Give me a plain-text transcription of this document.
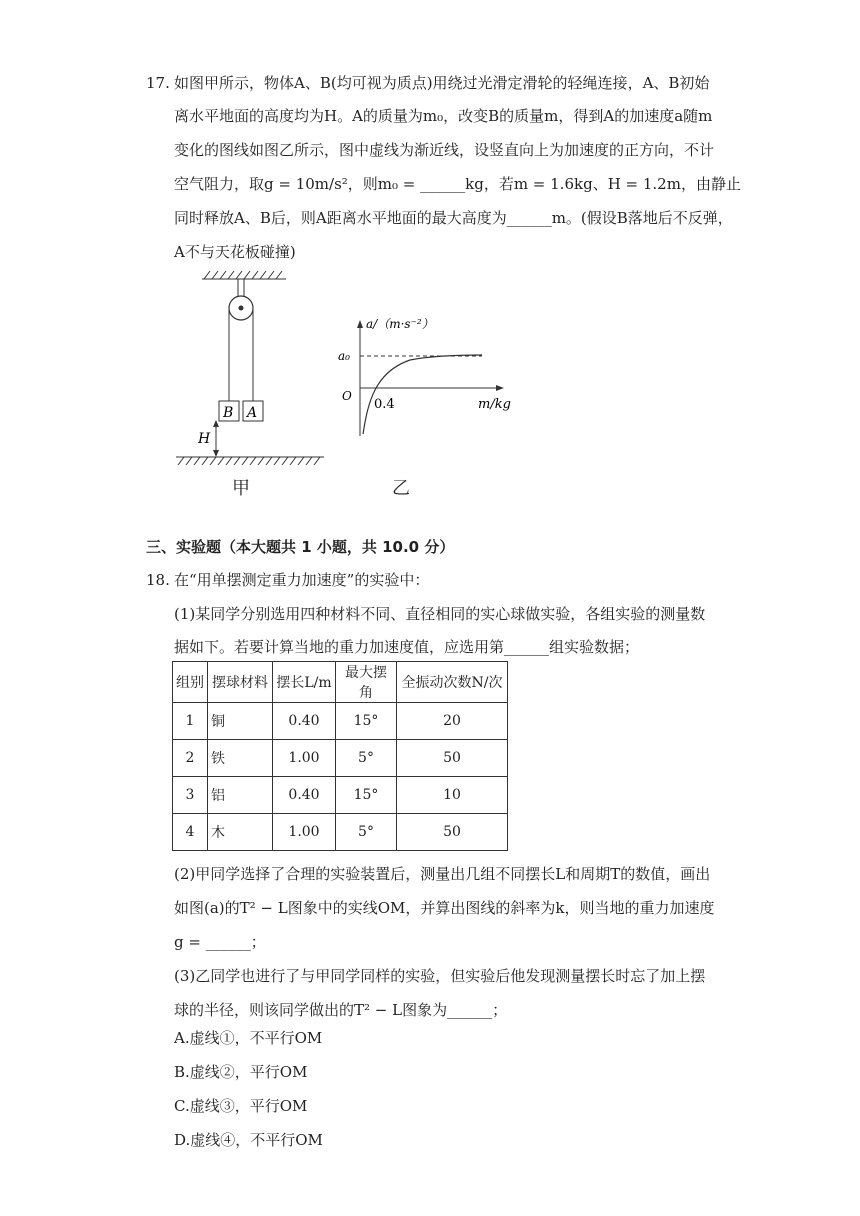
17. 如图甲所示，物体A、B(均可视为质点)用绕过光滑定滑轮的轻绳连接，A、B初始
离水平地面的高度均为H。A的质量为m₀，改变B的质量m，得到A的加速度a随m
变化的图线如图乙所示，图中虚线为渐近线，设竖直向上为加速度的正方向，不计
空气阻力，取g = 10m/s²，则m₀ = ______kg，若m = 1.6kg、H = 1.2m，由静止
同时释放A、B后，则A距离水平地面的最大高度为______m。(假设B落地后不反弹，
A不与天花板碰撞)
B A
H
甲
a/（m·s⁻²）
a₀
O
0.4	m/kg
乙
三、实验题（本大题共 1 小题，共 10.0 分）
18. 在“用单摆测定重力加速度”的实验中：
(1)某同学分别选用四种材料不同、直径相同的实心球做实验，各组实验的测量数
据如下。若要计算当地的重力加速度值，应选用第______组实验数据；
组别	摆球材料	摆长L/m	最大摆角	全振动次数N/次
1	铜	0.40	15°	20
2	铁	1.00	5°	50
3	铝	0.40	15°	10
4	木	1.00	5°	50
(2)甲同学选择了合理的实验装置后，测量出几组不同摆长L和周期T的数值，画出
如图(a)的T² − L图象中的实线OM，并算出图线的斜率为k，则当地的重力加速度
g = ______；
(3)乙同学也进行了与甲同学同样的实验，但实验后他发现测量摆长时忘了加上摆
球的半径，则该同学做出的T² − L图象为______；
A.虚线①，不平行OM
B.虚线②，平行OM
C.虚线③，平行OM
D.虚线④，不平行OM
